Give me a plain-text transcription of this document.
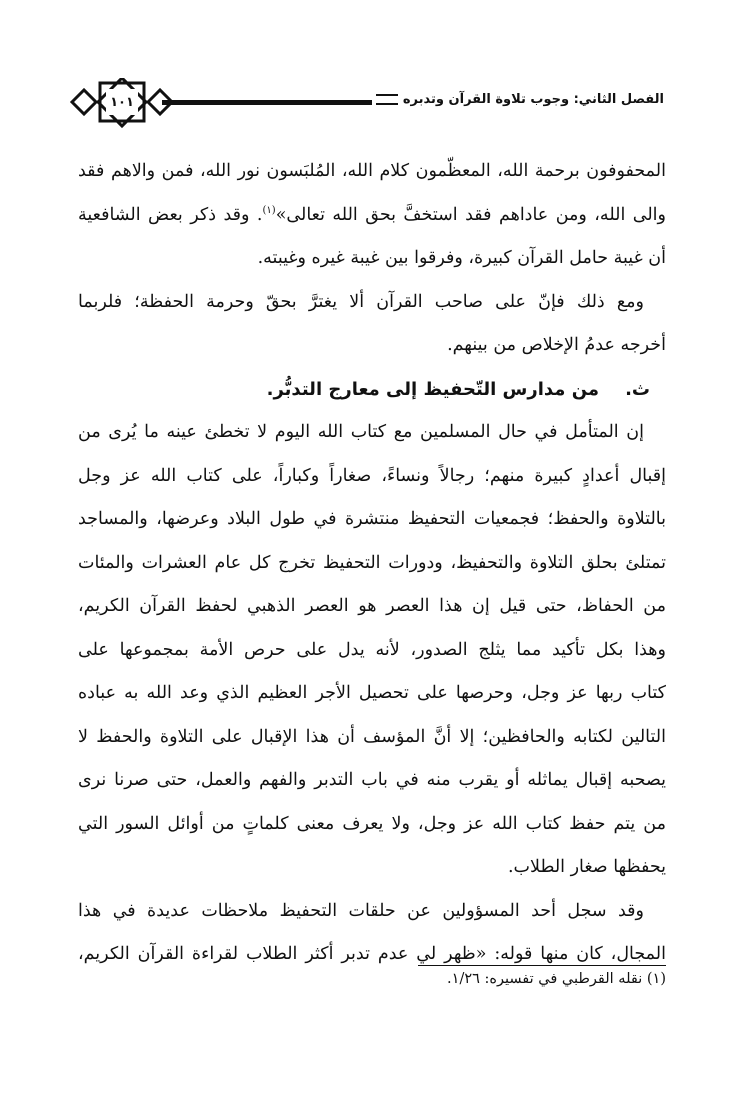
١٠١	الفصل الثاني: وجوب تلاوة القرآن وتدبره
المحفوفون برحمة الله، المعظّمون كلام الله، المُلبَسون نور الله، فمن والاهم فقد
والى الله، ومن عاداهم فقد استخفَّ بحق الله تعالى»$^{(١)}$. وقد ذكر بعض الشافعية
أن غيبة حامل القرآن كبيرة، وفرقوا بين غيبة غيره وغيبته.
ومع ذلك فإنّ على صاحب القرآن ألا يغترَّ بحقّ وحرمة الحفظة؛ فلربما
أخرجه عدمُ الإخلاص من بينهم.
ث.من مدارس التّحفيظ إلى معارج التدبُّر.
إن المتأمل في حال المسلمين مع كتاب الله اليوم لا تخطئ عينه ما يُرى من
إقبال أعدادٍ كبيرة منهم؛ رجالاً ونساءً، صغاراً وكباراً، على كتاب الله عز وجل
بالتلاوة والحفظ؛ فجمعيات التحفيظ منتشرة في طول البلاد وعرضها، والمساجد
تمتلئ بحلق التلاوة والتحفيظ، ودورات التحفيظ تخرج كل عام العشرات والمئات
من الحفاظ، حتى قيل إن هذا العصر هو العصر الذهبي لحفظ القرآن الكريم،
وهذا بكل تأكيد مما يثلج الصدور، لأنه يدل على حرص الأمة بمجموعها على
كتاب ربها عز وجل، وحرصها على تحصيل الأجر العظيم الذي وعد الله به عباده
التالين لكتابه والحافظين؛ إلا أنَّ المؤسف أن هذا الإقبال على التلاوة والحفظ لا
يصحبه إقبال يماثله أو يقرب منه في باب التدبر والفهم والعمل، حتى صرنا نرى
من يتم حفظ كتاب الله عز وجل، ولا يعرف معنى كلماتٍ من أوائل السور التي
يحفظها صغار الطلاب.
وقد سجل أحد المسؤولين عن حلقات التحفيظ ملاحظات عديدة في هذا
المجال، كان منها قوله: «ظهر لي عدم تدبر أكثر الطلاب لقراءة القرآن الكريم،
(١) نقله القرطبي في تفسيره: ١/٢٦.
